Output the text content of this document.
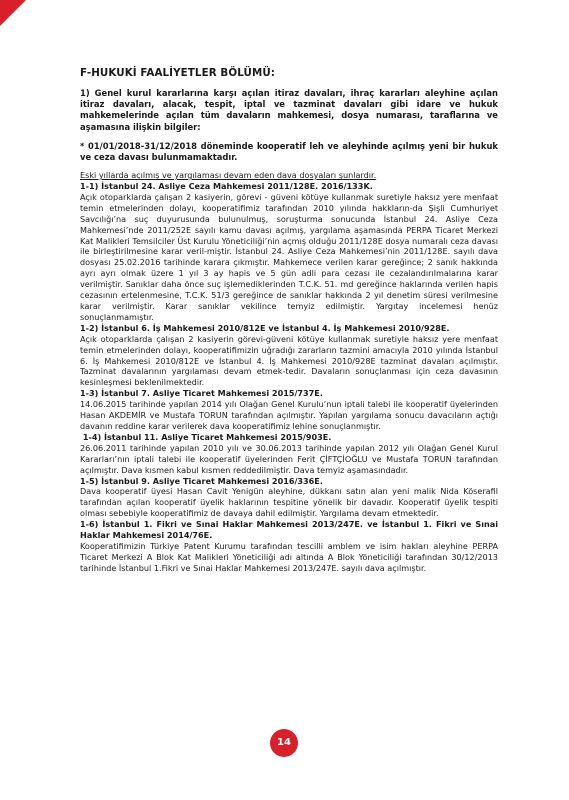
F-HUKUKİ FAALİYETLER BÖLÜMÜ:

1) Genel kurul kararlarına karşı açılan itiraz davaları, ihraç kararları aleyhine açılan itiraz davaları, alacak, tespit, iptal ve tazminat davaları gibi idare ve hukuk mahkemelerinde açılan tüm davaların mahkemesi, dosya numarası, taraflarına ve aşamasına ilişkin bilgiler:

* 01/01/2018-31/12/2018 döneminde kooperatif leh ve aleyhinde açılmış yeni bir hukuk ve ceza davası bulunmamaktadır.

Eski yıllarda açılmış ve yargılaması devam eden dava dosyaları şunlardır.

1-1) İstanbul 24. Asliye Ceza Mahkemesi 2011/128E. 2016/133K.

Açık otoparklarda çalışan 2 kasiyerin, görevi - güveni kötüye kullanmak suretiyle haksız yere menfaat temin etmelerinden dolayı, kooperatifimiz tarafından 2010 yılında hakkların-da Şişli Cumhuriyet Savcılığı’na suç duyurusunda bulunulmuş, soruşturma sonucunda İstanbul 24. Asliye Ceza Mahkemesi’nde 2011/252E sayılı kamu davası açılmış, yargılama aşamasında PERPA Ticaret Merkezi Kat Malikleri Temsilciler Üst Kurulu Yöneticiliği’nin açmış olduğu 2011/128E dosya numaralı ceza davası ile birleştirilmesine karar veril-miştir. İstanbul 24. Asliye Ceza Mahkemesi’nin 2011/128E. sayılı dava dosyası 25.02.2016 tarihinde karara çıkmıştır. Mahkemece verilen karar gereğince; 2 sanık hakkında ayrı ayrı olmak üzere 1 yıl 3 ay hapis ve 5 gün adli para cezası ile cezalandırılmalarına karar verilmiştir. Sanıklar daha önce suç işlemediklerinden T.C.K. 51. md gereğince haklarında verilen hapis cezasının ertelenmesine, T.C.K. 51/3 gereğince de sanıklar hakkında 2 yıl denetim süresi verilmesine karar verilmiştir. Karar sanıklar vekilince temyiz edilmiştir. Yargıtay incelemesi henüz sonuçlanmamıştır.

1-2) İstanbul 6. İş Mahkemesi 2010/812E ve İstanbul 4. İş Mahkemesi 2010/928E.

Açık otoparklarda çalışan 2 kasiyerin görevi-güveni kötüye kullanmak suretiyle haksız yere menfaat temin etmelerinden dolayı, kooperatifimizin uğradığı zararların tazmini amacıyla 2010 yılında İstanbul 6. İş Mahkemesi 2010/812E ve İstanbul 4. İş Mahkemesi 2010/928E tazminat davaları açılmıştır. Tazminat davalarının yargılaması devam etmek-tedir. Davaların sonuçlanması için ceza davasının kesinleşmesi beklenilmektedir.

1-3) İstanbul 7. Asliye Ticaret Mahkemesi 2015/737E.

14.06.2015 tarihinde yapılan 2014 yılı Olağan Genel Kurulu’nun iptali talebi ile kooperatif üyelerinden Hasan AKDEMİR ve Mustafa TORUN tarafından açılmıştır. Yapılan yargılama sonucu davacıların açtığı davanın reddine karar verilerek dava kooperatifimiz lehine sonuçlanmıştır.

1-4) İstanbul 11. Asliye Ticaret Mahkemesi 2015/903E.

26.06.2011 tarihinde yapılan 2010 yılı ve 30.06.2013 tarihinde yapılan 2012 yılı Olağan Genel Kurul Kararları’nın iptali talebi ile kooperatif üyelerinden Ferit ÇİFTÇİOĞLU ve Mustafa TORUN tarafından açılmıştır. Dava kısmen kabul kısmen reddedilmiştir. Dava temyiz aşamasındadır.

1-5) İstanbul 9. Asliye Ticaret Mahkemesi 2016/336E.

Dava kooperatif üyesi Hasan Cavit Yenigün aleyhine, dükkanı satın alan yeni malik Nida Köserafil tarafından açılan kooperatif üyelik haklarının tespitine yönelik bir davadır. Kooperatif üyelik tespiti olması sebebiyle kooperatifimiz de davaya dahil edilmiştir. Yargılama devam etmektedir.

1-6) İstanbul 1. Fikri ve Sınai Haklar Mahkemesi 2013/247E. ve İstanbul 1. Fikri ve Sınai Haklar Mahkemesi 2014/76E.

Kooperatifimizin Türkiye Patent Kurumu tarafından tescilli amblem ve isim hakları aleyhine PERPA Ticaret Merkezi A Blok Kat Malikleri Yöneticiliği adı altında A Blok Yöneticiliği tarafından 30/12/2013 tarihinde İstanbul 1.Fikri ve Sınai Haklar Mahkemesi 2013/247E. sayılı dava açılmıştır.

14
